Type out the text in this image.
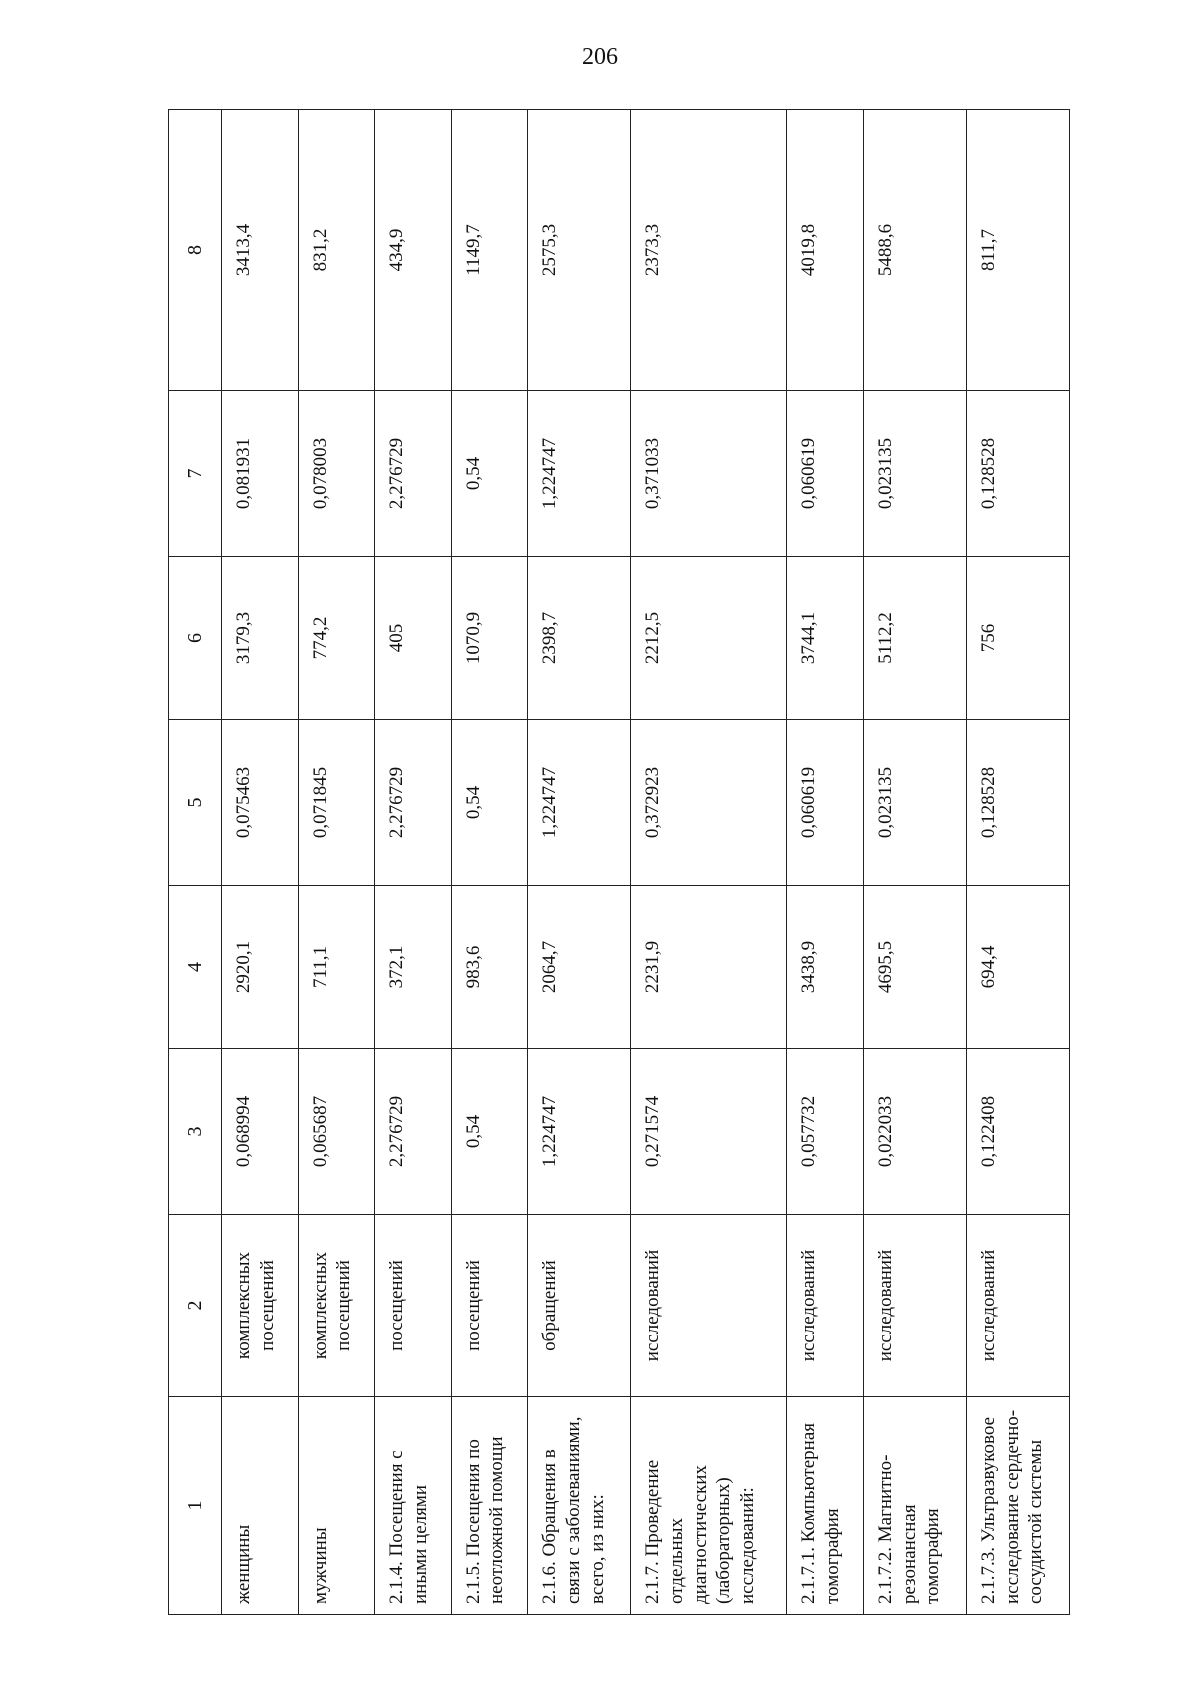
206
1	2	3	4	5	6	7	8
женщины	комплексных посещений	0,068994	2920,1	0,075463	3179,3	0,081931	3413,4
мужчины	комплексных посещений	0,065687	711,1	0,071845	774,2	0,078003	831,2
2.1.4. Посещения с иными целями	посещений	2,276729	372,1	2,276729	405	2,276729	434,9
2.1.5. Посещения по неотложной помощи	посещений	0,54	983,6	0,54	1070,9	0,54	1149,7
2.1.6. Обращения в связи с заболеваниями, всего, из них:	обращений	1,224747	2064,7	1,224747	2398,7	1,224747	2575,3
2.1.7. Проведение отдельных диагностических (лабораторных) исследований:	исследований	0,271574	2231,9	0,372923	2212,5	0,371033	2373,3
2.1.7.1. Компьютерная томография	исследований	0,057732	3438,9	0,060619	3744,1	0,060619	4019,8
2.1.7.2. Магнитно-резонансная томография	исследований	0,022033	4695,5	0,023135	5112,2	0,023135	5488,6
2.1.7.3. Ультразвуковое исследование сердечно-сосудистой системы	исследований	0,122408	694,4	0,128528	756	0,128528	811,7
